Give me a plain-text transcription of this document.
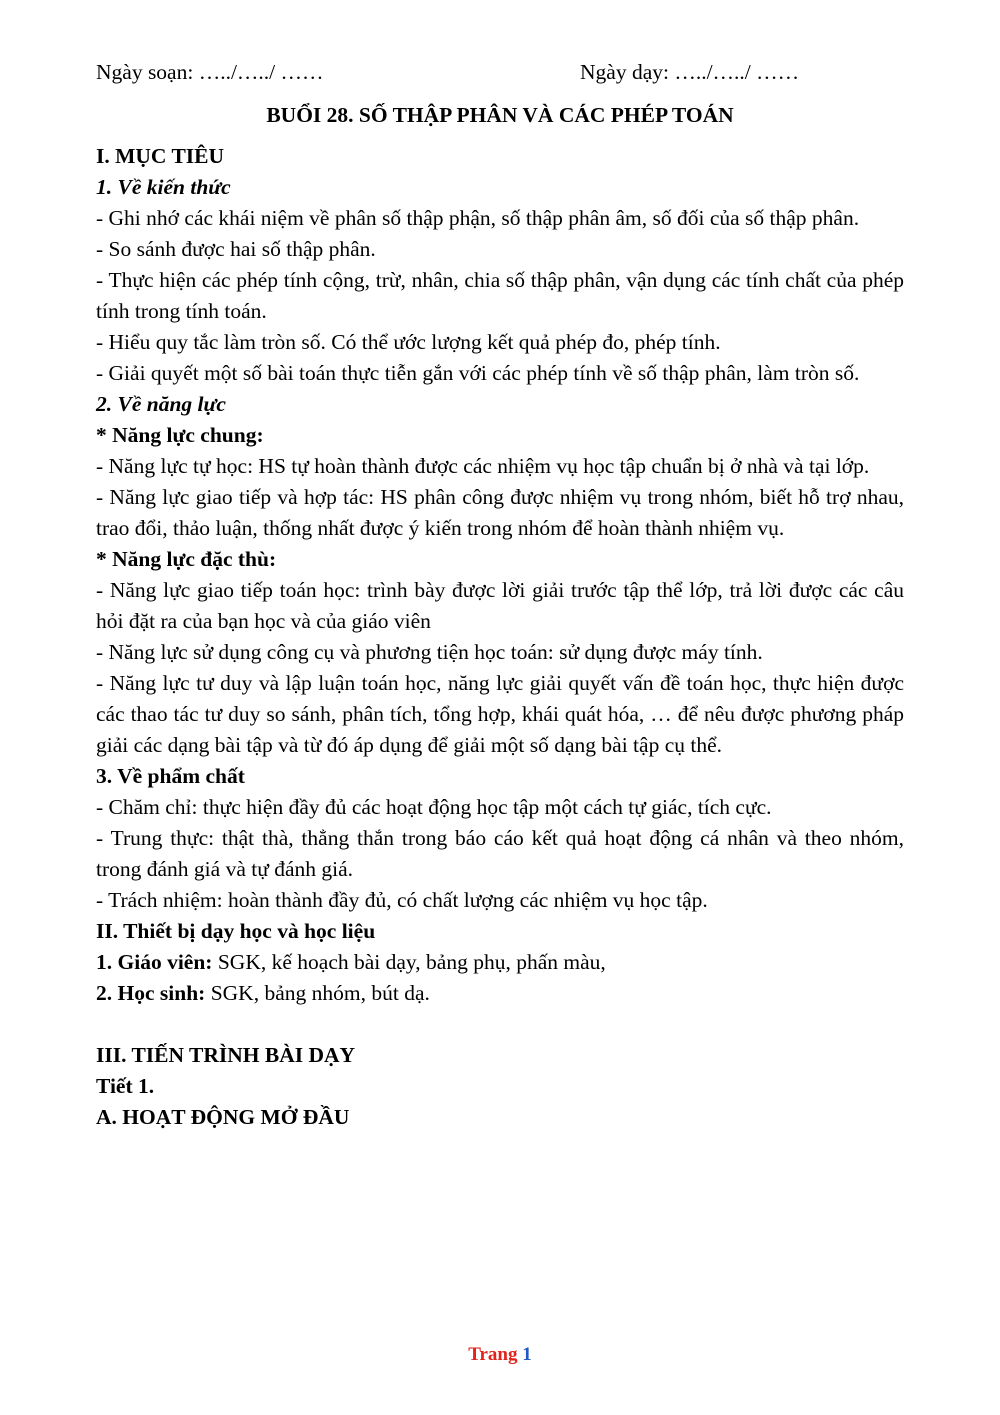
Ngày soạn: …../…../ ……	Ngày dạy: …../…../ ……
BUỔI 28. SỐ THẬP PHÂN VÀ CÁC PHÉP TOÁN
I. MỤC TIÊU
1. Về kiến thức

- Ghi nhớ các khái niệm về phân số thập phận, số thập phân âm, số đối của số thập phân.

- So sánh được hai số thập phân.

- Thực hiện các phép tính cộng, trừ, nhân, chia số thập phân, vận dụng các tính chất của phép tính trong tính toán.

- Hiểu quy tắc làm tròn số. Có thể ước lượng kết quả phép đo, phép tính.

- Giải quyết một số bài toán thực tiễn gắn với các phép tính về số thập phân, làm tròn số.

2. Về năng lực
* Năng lực chung:

- Năng lực tự học: HS tự hoàn thành được các nhiệm vụ học tập chuẩn bị ở nhà và tại lớp.

- Năng lực giao tiếp và hợp tác: HS phân công được nhiệm vụ trong nhóm, biết hỗ trợ nhau, trao đổi, thảo luận, thống nhất được ý kiến trong nhóm để hoàn thành nhiệm vụ.

* Năng lực đặc thù:

- Năng lực giao tiếp toán học: trình bày được lời giải trước tập thể lớp, trả lời được các câu hỏi đặt ra của bạn học và của giáo viên

- Năng lực sử dụng công cụ và phương tiện học toán: sử dụng được máy tính.

- Năng lực tư duy và lập luận toán học, năng lực giải quyết vấn đề toán học, thực hiện được các thao tác tư duy so sánh, phân tích, tổng hợp, khái quát hóa, … để nêu được phương pháp giải các dạng bài tập và từ đó áp dụng để giải một số dạng bài tập cụ thể.

3. Về phẩm chất

- Chăm chỉ: thực hiện đầy đủ các hoạt động học tập một cách tự giác, tích cực.

- Trung thực: thật thà, thẳng thắn trong báo cáo kết quả hoạt động cá nhân và theo nhóm, trong đánh giá và tự đánh giá.

- Trách nhiệm: hoàn thành đầy đủ, có chất lượng các nhiệm vụ học tập.

II. Thiết bị dạy học và học liệu

1. Giáo viên: SGK, kế hoạch bài dạy, bảng phụ, phấn màu,

2. Học sinh: SGK, bảng nhóm, bút dạ.

III. TIẾN TRÌNH BÀI DẠY
Tiết 1.
A. HOẠT ĐỘNG MỞ ĐẦU
Trang 1
